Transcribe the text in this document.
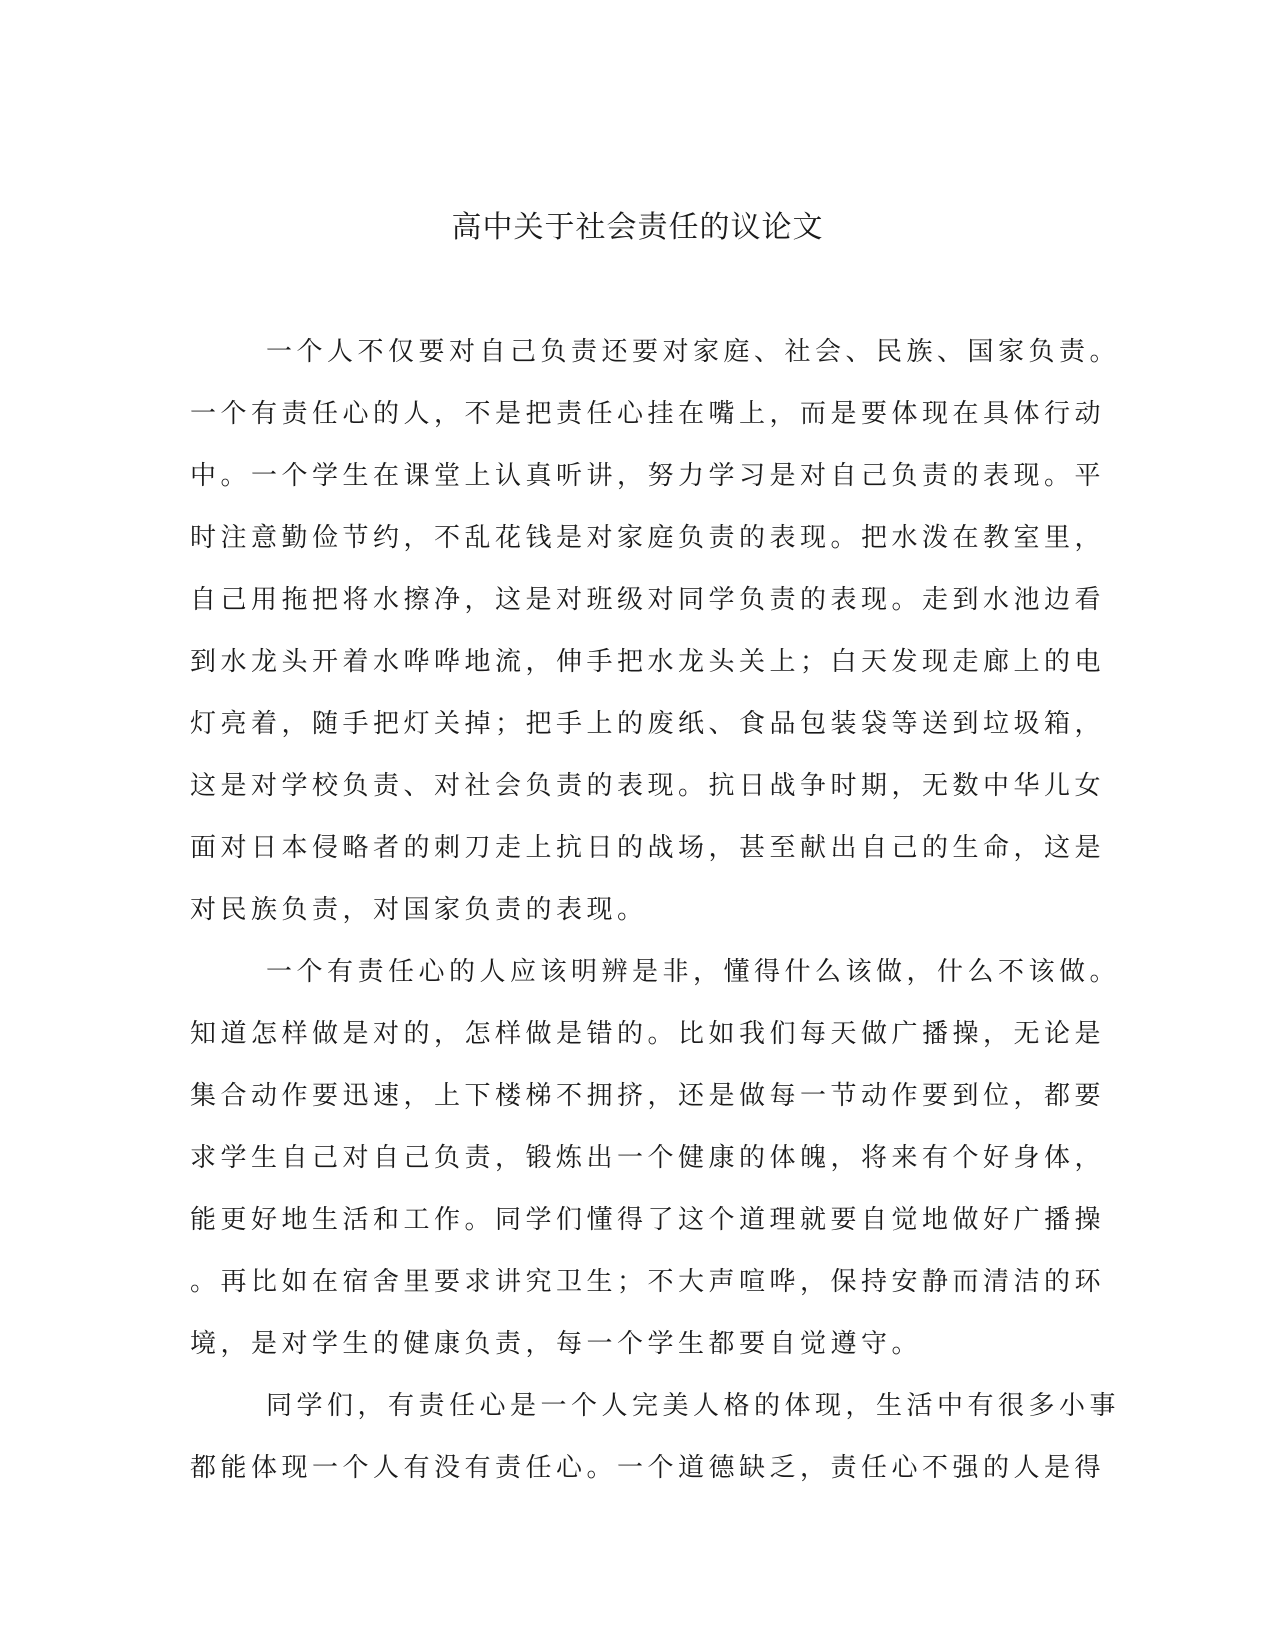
高中关于社会责任的议论文
一个人不仅要对自己负责还要对家庭、社会、民族、国家负责。
一个有责任心的人，不是把责任心挂在嘴上，而是要体现在具体行动
中。一个学生在课堂上认真听讲，努力学习是对自己负责的表现。平
时注意勤俭节约，不乱花钱是对家庭负责的表现。把水泼在教室里，
自己用拖把将水擦净，这是对班级对同学负责的表现。走到水池边看
到水龙头开着水哗哗地流，伸手把水龙头关上；白天发现走廊上的电
灯亮着，随手把灯关掉；把手上的废纸、食品包装袋等送到垃圾箱，
这是对学校负责、对社会负责的表现。抗日战争时期，无数中华儿女
面对日本侵略者的刺刀走上抗日的战场，甚至献出自己的生命，这是
对民族负责，对国家负责的表现。
一个有责任心的人应该明辨是非，懂得什么该做，什么不该做。
知道怎样做是对的，怎样做是错的。比如我们每天做广播操，无论是
集合动作要迅速，上下楼梯不拥挤，还是做每一节动作要到位，都要
求学生自己对自己负责，锻炼出一个健康的体魄，将来有个好身体，
能更好地生活和工作。同学们懂得了这个道理就要自觉地做好广播操
。再比如在宿舍里要求讲究卫生；不大声喧哗，保持安静而清洁的环
境，是对学生的健康负责，每一个学生都要自觉遵守。
同学们，有责任心是一个人完美人格的体现，生活中有很多小事
都能体现一个人有没有责任心。一个道德缺乏，责任心不强的人是得
